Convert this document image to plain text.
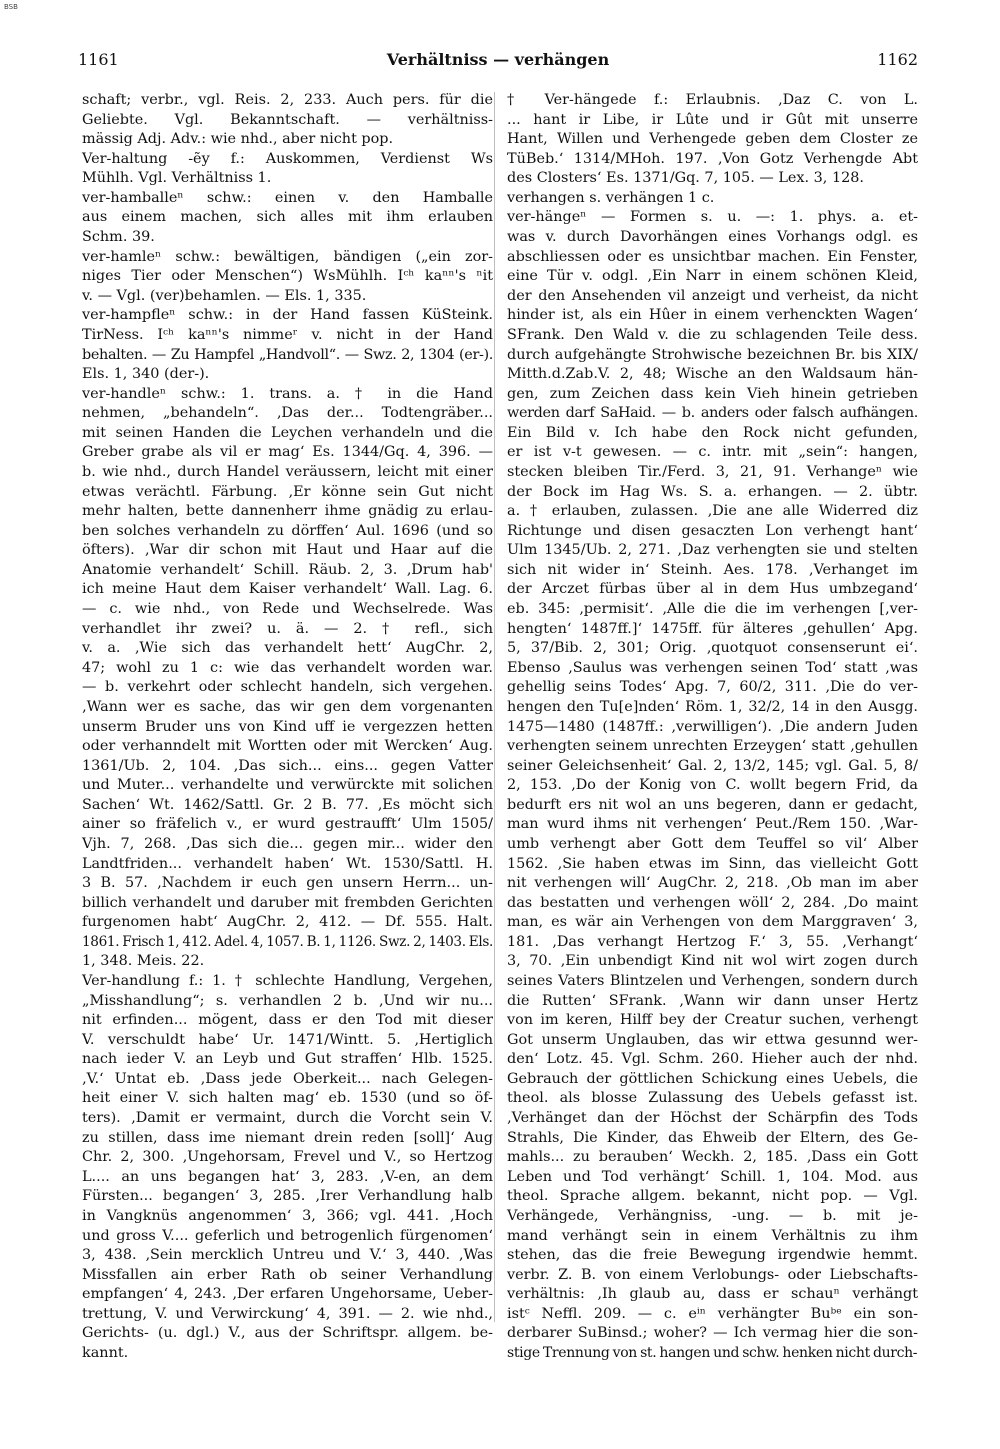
BSB
1161	Verhältniss — verhängen	1162
schaft; verbr., vgl. Reis. 2, 233. Auch pers. für die
Geliebte. Vgl. Bekanntschaft. — verhältniss-
mässig Adj. Adv.: wie nhd., aber nicht pop.
Ver-haltung -ẽy f.: Auskommen, Verdienst Ws
Mühlh. Vgl. Verhältniss 1.
ver-hamballeⁿ schw.: einen v. den Hamballe
aus einem machen, sich alles mit ihm erlauben
Schm. 39.
ver-hamleⁿ schw.: bewältigen, bändigen („ein zor-
niges Tier oder Menschen“) WsMühlh. Iᶜʰ kaⁿⁿ's ⁿit
v. — Vgl. (ver)behamlen. — Els. 1, 335.
ver-hampfleⁿ schw.: in der Hand fassen KüSteink.
TirNess. Iᶜʰ kaⁿⁿ's nimmeʳ v. nicht in der Hand
behalten. — Zu Hampfel „Handvoll“. — Swz. 2, 1304 (er-).
Els. 1, 340 (der-).
ver-handleⁿ schw.: 1. trans. a. † in die Hand
nehmen, „behandeln“. ‚Das der... Todtengräber...
mit seinen Handen die Leychen verhandeln und die
Greber grabe als vil er mag‘ Es. 1344/Gq. 4, 396. —
b. wie nhd., durch Handel veräussern, leicht mit einer
etwas verächtl. Färbung. ‚Er könne sein Gut nicht
mehr halten, bette dannenherr ihme gnädig zu erlau-
ben solches verhandeln zu dörffen‘ Aul. 1696 (und so
öfters). ‚War dir schon mit Haut und Haar auf die
Anatomie verhandelt‘ Schill. Räub. 2, 3. ‚Drum hab'
ich meine Haut dem Kaiser verhandelt‘ Wall. Lag. 6.
— c. wie nhd., von Rede und Wechselrede. Was
verhandlet ihr zwei? u. ä. — 2. † refl., sich
v. a. ‚Wie sich das verhandelt hett‘ AugChr. 2,
47; wohl zu 1 c: wie das verhandelt worden war.
— b. verkehrt oder schlecht handeln, sich vergehen.
‚Wann wer es sache, das wir gen dem vorgenanten
unserm Bruder uns von Kind uff ie vergezzen hetten
oder verhanndelt mit Wortten oder mit Wercken‘ Aug.
1361/Ub. 2, 104. ‚Das sich... eins... gegen Vatter
und Muter... verhandelte und verwürckte mit solichen
Sachen‘ Wt. 1462/Sattl. Gr. 2 B. 77. ‚Es möcht sich
ainer so fräfelich v., er wurd gestraufft‘ Ulm 1505/
Vjh. 7, 268. ‚Das sich die... gegen mir... wider den
Landtfriden... verhandelt haben‘ Wt. 1530/Sattl. H.
3 B. 57. ‚Nachdem ir euch gen unsern Herrn... un-
billich verhandelt und daruber mit frembden Gerichten
furgenomen habt‘ AugChr. 2, 412. — Df. 555. Halt.
1861. Frisch 1, 412. Adel. 4, 1057. B. 1, 1126. Swz. 2, 1403. Els.
1, 348. Meis. 22.
Ver-handlung f.: 1. † schlechte Handlung, Vergehen,
„Misshandlung“; s. verhandlen 2 b. ‚Und wir nu...
nit erfinden... mögent, dass er den Tod mit dieser
V. verschuldt habe‘ Ur. 1471/Wintt. 5. ‚Hertiglich
nach ieder V. an Leyb und Gut straffen‘ Hlb. 1525.
‚V.‘ Untat eb. ‚Dass jede Oberkeit... nach Gelegen-
heit einer V. sich halten mag‘ eb. 1530 (und so öf-
ters). ‚Damit er vermaint, durch die Vorcht sein V.
zu stillen, dass ime niemant drein reden [soll]‘ Aug
Chr. 2, 300. ‚Ungehorsam, Frevel und V., so Hertzog
L.... an uns begangen hat‘ 3, 283. ‚V-en, an dem
Fürsten... begangen‘ 3, 285. ‚Irer Verhandlung halb
in Vangknüs angenommen‘ 3, 366; vgl. 441. ‚Hoch
und gross V.... geferlich und betrogenlich fürgenomen‘
3, 438. ‚Sein mercklich Untreu und V.‘ 3, 440. ‚Was
Missfallen ain erber Rath ob seiner Verhandlung
empfangen‘ 4, 243. ‚Der erfaren Ungehorsame, Ueber-
trettung, V. und Verwirckung‘ 4, 391. — 2. wie nhd.,
Gerichts- (u. dgl.) V., aus der Schriftspr. allgem. be-
kannt.
† Ver-hängede f.: Erlaubnis. ‚Daz C. von L.
... hant ir Libe, ir Lûte und ir Gût mit unserre
Hant, Willen und Verhengede geben dem Closter ze
TüBeb.‘ 1314/MHoh. 197. ‚Von Gotz Verhengde Abt
des Closters‘ Es. 1371/Gq. 7, 105. — Lex. 3, 128.
verhangen s. verhängen 1 c.
ver-hängeⁿ — Formen s. u. —: 1. phys. a. et-
was v. durch Davorhängen eines Vorhangs odgl. es
abschliessen oder es unsichtbar machen. Ein Fenster,
eine Tür v. odgl. ‚Ein Narr in einem schönen Kleid,
der den Ansehenden vil anzeigt und verheist, da nicht
hinder ist, als ein Hûer in einem verhenckten Wagen‘
SFrank. Den Wald v. die zu schlagenden Teile dess.
durch aufgehängte Strohwische bezeichnen Br. bis XIX/
Mitth.d.Zab.V. 2, 48; Wische an den Waldsaum hän-
gen, zum Zeichen dass kein Vieh hinein getrieben
werden darf SaHaid. — b. anders oder falsch aufhängen.
Ein Bild v. Ich habe den Rock nicht gefunden,
er ist v-t gewesen. — c. intr. mit „sein“: hangen,
stecken bleiben Tir./Ferd. 3, 21, 91. Verhangeⁿ wie
der Bock im Hag Ws. S. a. erhangen. — 2. übtr.
a. † erlauben, zulassen. ‚Die ane alle Widerred diz
Richtunge und disen gesaczten Lon verhengt hant‘
Ulm 1345/Ub. 2, 271. ‚Daz verhengten sie und stelten
sich nit wider in‘ Steinh. Aes. 178. ‚Verhanget im
der Arczet fürbas über al in dem Hus umbzegand‘
eb. 345: ‚permisit‘. ‚Alle die die im verhengen [‚ver-
hengten‘ 1487ff.]‘ 1475ff. für älteres ‚gehullen‘ Apg.
5, 37/Bib. 2, 301; Orig. ‚quotquot consenserunt ei‘.
Ebenso ‚Saulus was verhengen seinen Tod‘ statt ‚was
gehellig seins Todes‘ Apg. 7, 60/2, 311. ‚Die do ver-
hengen den Tu[e]nden‘ Röm. 1, 32/2, 14 in den Ausgg.
1475—1480 (1487ff.: ‚verwilligen‘). ‚Die andern Juden
verhengten seinem unrechten Erzeygen‘ statt ‚gehullen
seiner Geleichsenheit‘ Gal. 2, 13/2, 145; vgl. Gal. 5, 8/
2, 153. ‚Do der Konig von C. wollt begern Frid, da
bedurft ers nit wol an uns begeren, dann er gedacht,
man wurd ihms nit verhengen‘ Peut./Rem 150. ‚War-
umb verhengt aber Gott dem Teuffel so vil‘ Alber
1562. ‚Sie haben etwas im Sinn, das vielleicht Gott
nit verhengen will‘ AugChr. 2, 218. ‚Ob man im aber
das bestatten und verhengen wöll‘ 2, 284. ‚Do maint
man, es wär ain Verhengen von dem Marggraven‘ 3,
181. ‚Das verhangt Hertzog F.‘ 3, 55. ‚Verhangt‘
3, 70. ‚Ein unbendigt Kind nit wol wirt zogen durch
seines Vaters Blintzelen und Verhengen, sondern durch
die Rutten‘ SFrank. ‚Wann wir dann unser Hertz
von im keren, Hilff bey der Creatur suchen, verhengt
Got unserm Unglauben, das wir ettwa gesunnd wer-
den‘ Lotz. 45. Vgl. Schm. 260. Hieher auch der nhd.
Gebrauch der göttlichen Schickung eines Uebels, die
theol. als blosse Zulassung des Uebels gefasst ist.
‚Verhänget dan der Höchst der Schärpfin des Tods
Strahls, Die Kinder, das Ehweib der Eltern, des Ge-
mahls... zu berauben‘ Weckh. 2, 185. ‚Dass ein Gott
Leben und Tod verhängt‘ Schill. 1, 104. Mod. aus
theol. Sprache allgem. bekannt, nicht pop. — Vgl.
Verhängede, Verhängniss, -ung. — b. mit je-
mand verhängt sein in einem Verhältnis zu ihm
stehen, das die freie Bewegung irgendwie hemmt.
verbr. Z. B. von einem Verlobungs- oder Liebschafts-
verhältnis: ‚Ih glaub au, dass er schauⁿ verhängt
istᶜ Neffl. 209. — c. eⁱⁿ verhängter Buᵇᵉ ein son-
derbarer SuBinsd.; woher? — Ich vermag hier die son-
stige Trennung von st. hangen und schw. henken nicht durch-
